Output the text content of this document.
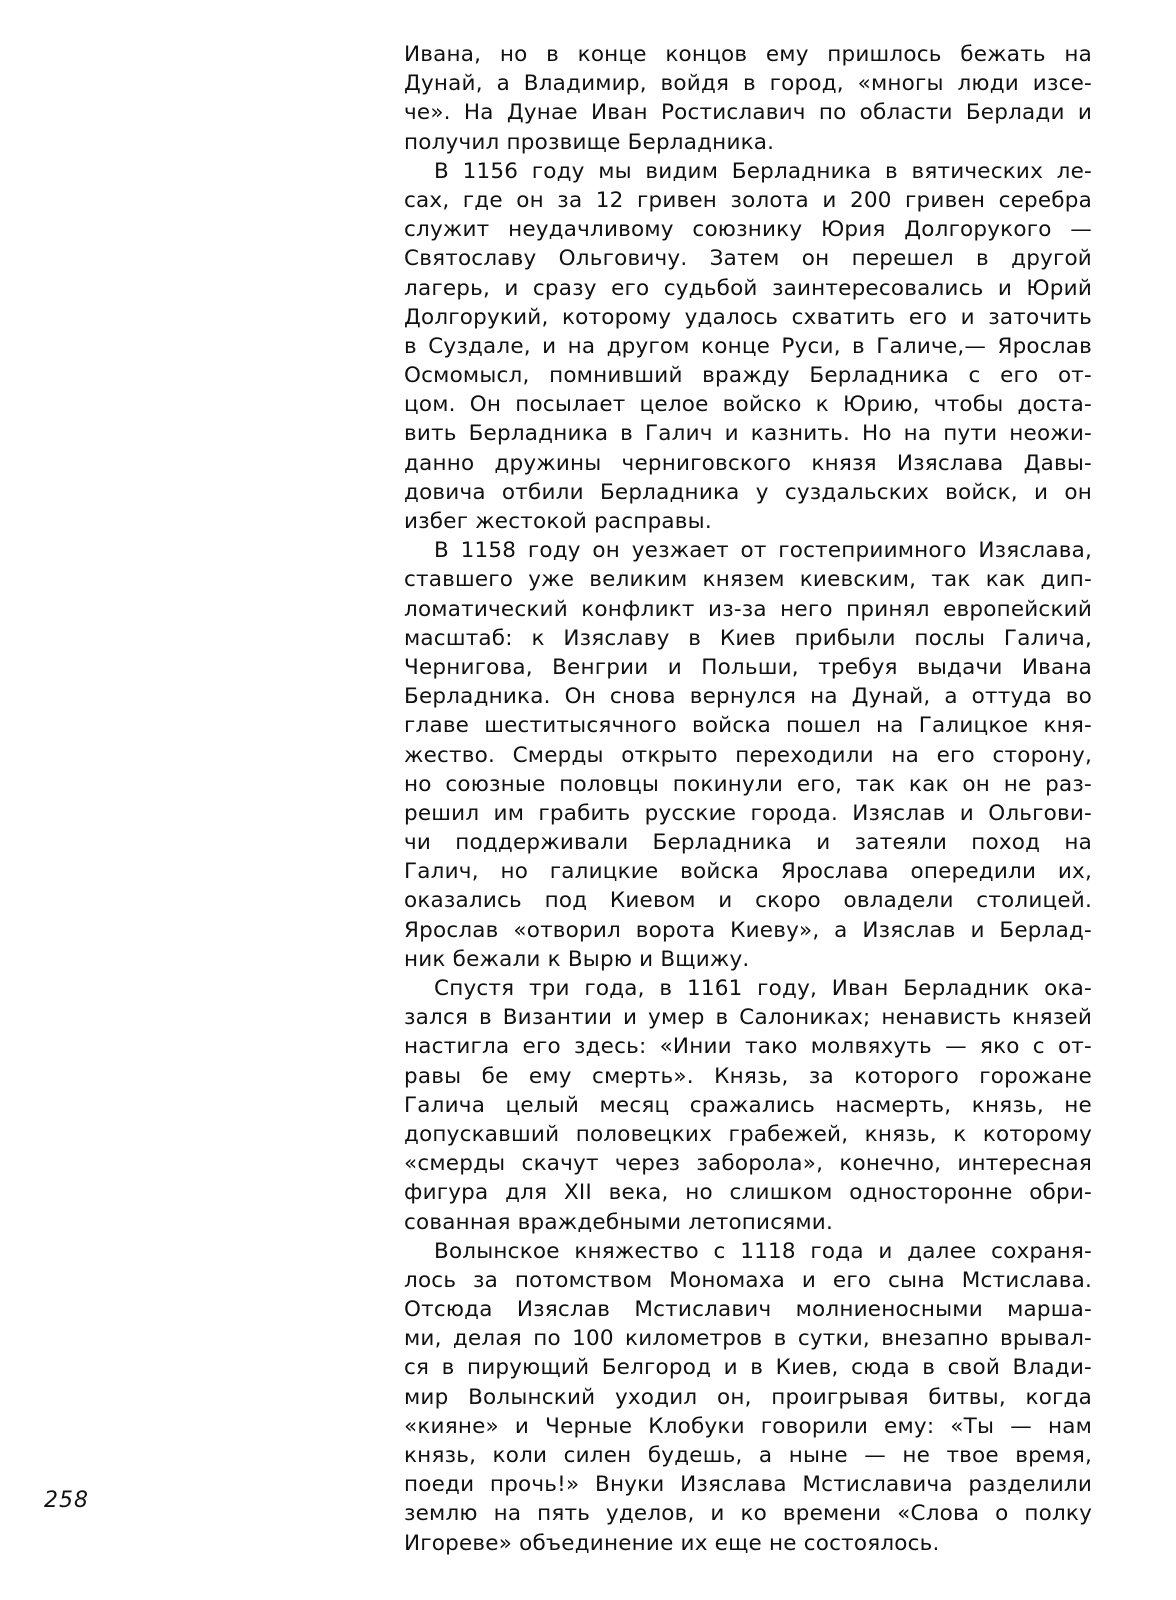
Ивана, но в конце концов ему пришлось бежать на
Дунай, а Владимир, войдя в город, «многы люди изсе-
че». На Дунае Иван Ростиславич по области Берлади и
получил прозвище Берладника.
В 1156 году мы видим Берладника в вятических ле-
сах, где он за 12 гривен золота и 200 гривен серебра
служит неудачливому союзнику Юрия Долгорукого —
Святославу Ольговичу. Затем он перешел в другой
лагерь, и сразу его судьбой заинтересовались и Юрий
Долгорукий, которому удалось схватить его и заточить
в Суздале, и на другом конце Руси, в Галиче,— Ярослав
Осмомысл, помнивший вражду Берладника с его от-
цом. Он посылает целое войско к Юрию, чтобы доста-
вить Берладника в Галич и казнить. Но на пути неожи-
данно дружины черниговского князя Изяслава Давы-
довича отбили Берладника у суздальских войск, и он
избег жестокой расправы.
В 1158 году он уезжает от гостеприимного Изяслава,
ставшего уже великим князем киевским, так как дип-
ломатический конфликт из-за него принял европейский
масштаб: к Изяславу в Киев прибыли послы Галича,
Чернигова, Венгрии и Польши, требуя выдачи Ивана
Берладника. Он снова вернулся на Дунай, а оттуда во
главе шеститысячного войска пошел на Галицкое кня-
жество. Смерды открыто переходили на его сторону,
но союзные половцы покинули его, так как он не раз-
решил им грабить русские города. Изяслав и Ольгови-
чи поддерживали Берладника и затеяли поход на
Галич, но галицкие войска Ярослава опередили их,
оказались под Киевом и скоро овладели столицей.
Ярослав «отворил ворота Киеву», а Изяслав и Берлад-
ник бежали к Вырю и Вщижу.
Спустя три года, в 1161 году, Иван Берладник ока-
зался в Византии и умер в Салониках; ненависть князей
настигла его здесь: «Инии тако молвяхуть — яко с от-
равы бе ему смерть». Князь, за которого горожане
Галича целый месяц сражались насмерть, князь, не
допускавший половецких грабежей, князь, к которому
«смерды скачут через заборола», конечно, интересная
фигура для XII века, но слишком односторонне обри-
сованная враждебными летописями.
Волынское княжество с 1118 года и далее сохраня-
лось за потомством Мономаха и его сына Мстислава.
Отсюда Изяслав Мстиславич молниеносными марша-
ми, делая по 100 километров в сутки, внезапно врывал-
ся в пирующий Белгород и в Киев, сюда в свой Влади-
мир Волынский уходил он, проигрывая битвы, когда
«кияне» и Черные Клобуки говорили ему: «Ты — нам
князь, коли силен будешь, а ныне — не твое время,
поеди прочь!» Внуки Изяслава Мстиславича разделили
землю на пять уделов, и ко времени «Слова о полку
Игореве» объединение их еще не состоялось.
258
